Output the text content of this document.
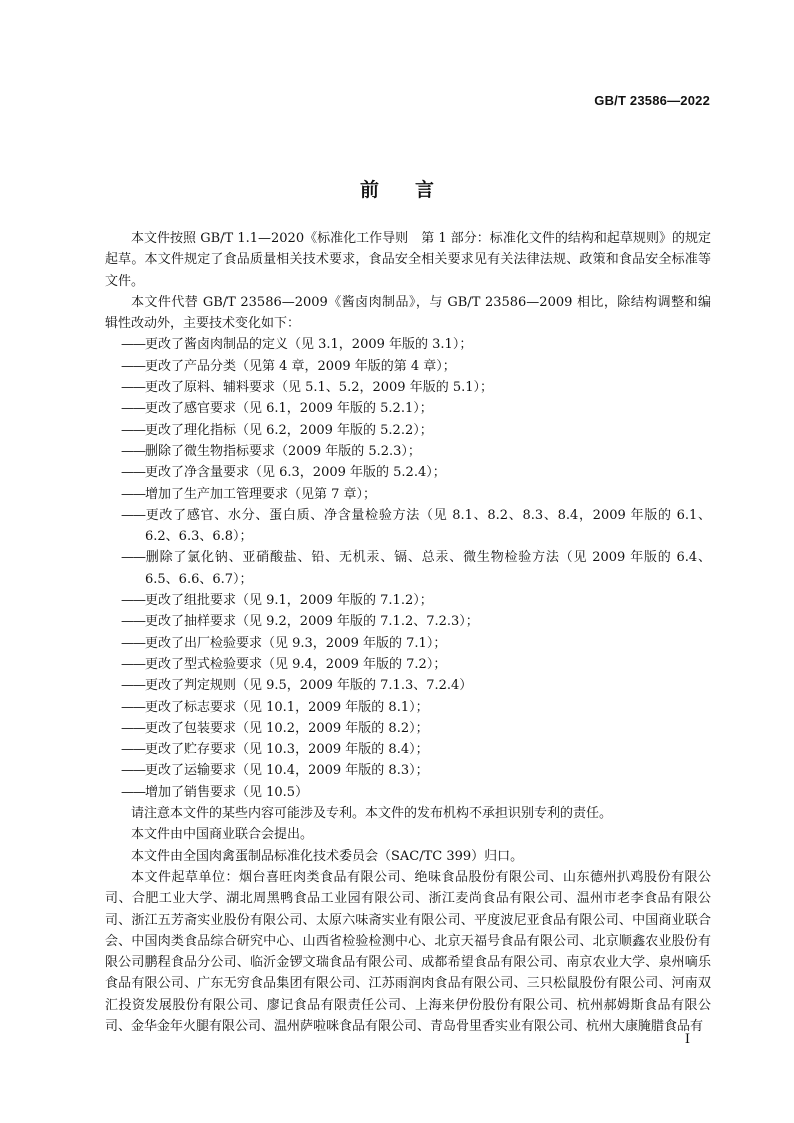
GB/T 23586—2022
前言

本文件按照 GB/T 1.1—2020《标准化工作导则　第 1 部分：标准化文件的结构和起草规则》的规定起草。本文件规定了食品质量相关技术要求，食品安全相关要求见有关法律法规、政策和食品安全标准等文件。

本文件代替 GB/T 23586—2009《酱卤肉制品》，与 GB/T 23586—2009 相比，除结构调整和编辑性改动外，主要技术变化如下：

——更改了酱卤肉制品的定义（见 3.1，2009 年版的 3.1）；
——更改了产品分类（见第 4 章，2009 年版的第 4 章）；
——更改了原料、辅料要求（见 5.1、5.2，2009 年版的 5.1）；
——更改了感官要求（见 6.1，2009 年版的 5.2.1）；
——更改了理化指标（见 6.2，2009 年版的 5.2.2）；
——删除了微生物指标要求（2009 年版的 5.2.3）；
——更改了净含量要求（见 6.3，2009 年版的 5.2.4）；
——增加了生产加工管理要求（见第 7 章）；
——更改了感官、水分、蛋白质、净含量检验方法（见 8.1、8.2、8.3、8.4，2009 年版的 6.1、6.2、6.3、6.8）；
——删除了氯化钠、亚硝酸盐、铅、无机汞、镉、总汞、微生物检验方法（见 2009 年版的 6.4、6.5、6.6、6.7）；
——更改了组批要求（见 9.1，2009 年版的 7.1.2）；
——更改了抽样要求（见 9.2，2009 年版的 7.1.2、7.2.3）；
——更改了出厂检验要求（见 9.3，2009 年版的 7.1）；
——更改了型式检验要求（见 9.4，2009 年版的 7.2）；
——更改了判定规则（见 9.5，2009 年版的 7.1.3、7.2.4）
——更改了标志要求（见 10.1，2009 年版的 8.1）；
——更改了包装要求（见 10.2，2009 年版的 8.2）；
——更改了贮存要求（见 10.3，2009 年版的 8.4）；
——更改了运输要求（见 10.4，2009 年版的 8.3）；
——增加了销售要求（见 10.5）

请注意本文件的某些内容可能涉及专利。本文件的发布机构不承担识别专利的责任。

本文件由中国商业联合会提出。

本文件由全国肉禽蛋制品标准化技术委员会（SAC/TC 399）归口。

本文件起草单位：烟台喜旺肉类食品有限公司、绝味食品股份有限公司、山东德州扒鸡股份有限公司、合肥工业大学、湖北周黑鸭食品工业园有限公司、浙江麦尚食品有限公司、温州市老李食品有限公司、浙江五芳斋实业股份有限公司、太原六味斋实业有限公司、平度波尼亚食品有限公司、中国商业联合会、中国肉类食品综合研究中心、山西省检验检测中心、北京天福号食品有限公司、北京顺鑫农业股份有限公司鹏程食品分公司、临沂金锣文瑞食品有限公司、成都希望食品有限公司、南京农业大学、泉州嘀乐食品有限公司、广东无穷食品集团有限公司、江苏雨润肉食品有限公司、三只松鼠股份有限公司、河南双汇投资发展股份有限公司、廖记食品有限责任公司、上海来伊份股份有限公司、杭州郝姆斯食品有限公司、金华金年火腿有限公司、温州萨啦咪食品有限公司、青岛骨里香实业有限公司、杭州大康腌腊食品有

I
